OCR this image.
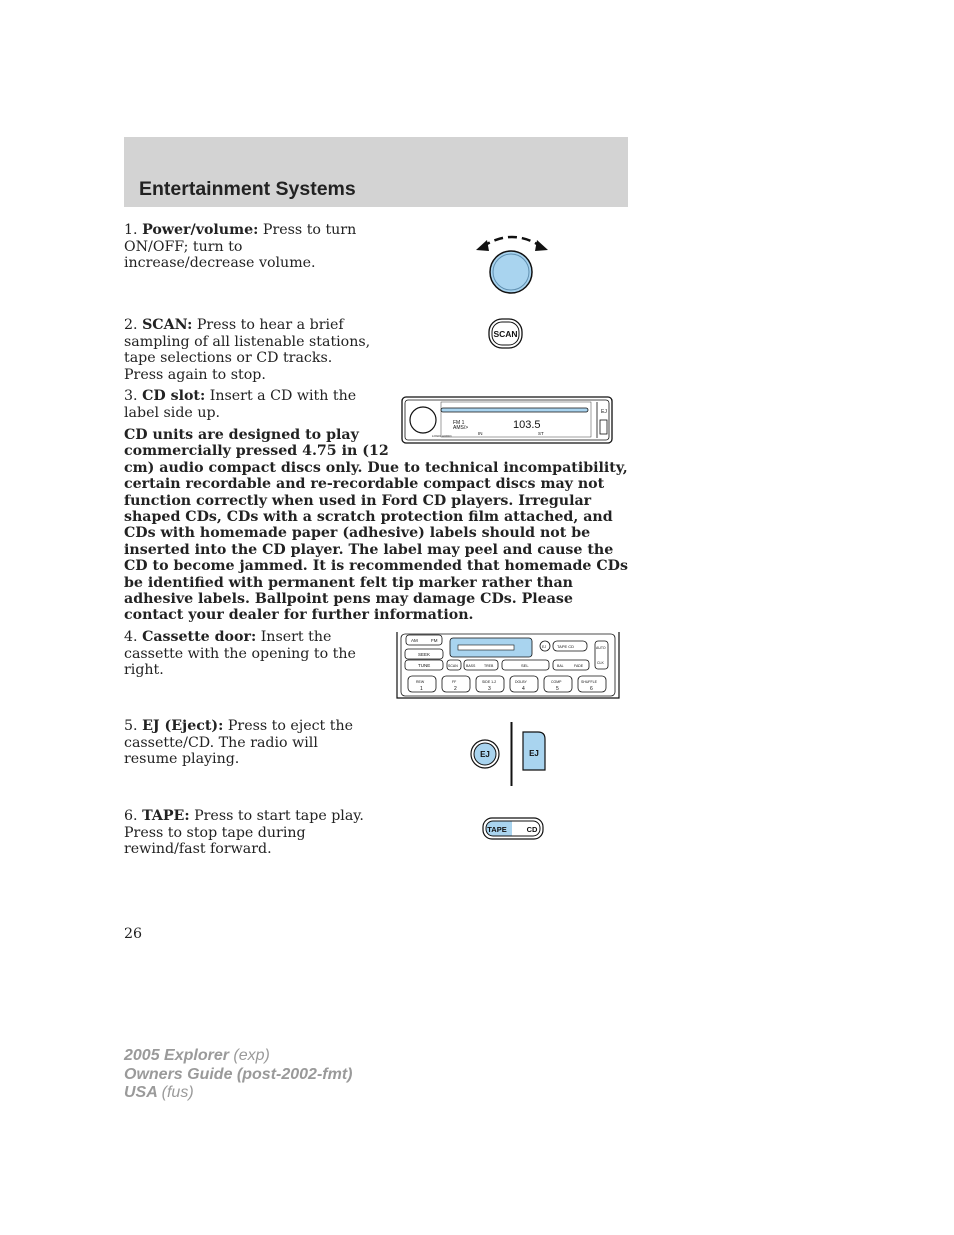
Entertainment Systems
1. Power/volume: Press to turn ON/OFF; turn to increase/decrease volume.
2. SCAN: Press to hear a brief sampling of all listenable stations, tape selections or CD tracks. Press again to stop.
SCAN
3. CD slot: Insert a CD with the label side up.
FM 1
AMS/>	103.5
IN	ST
LOGIC AUDIO
EJ
CD units are designed to play
commercially pressed 4.75 in (12
cm) audio compact discs only. Due to technical incompatibility, certain recordable and re-recordable compact discs may not function correctly when used in Ford CD players. Irregular shaped CDs, CDs with a scratch protection film attached, and CDs with homemade paper (adhesive) labels should not be inserted into the CD player. The label may peel and cause the CD to become jammed. It is recommended that homemade CDs be identified with permanent felt tip marker rather than adhesive labels. Ballpoint pens may damage CDs. Please contact your dealer for further information.
4. Cassette door: Insert the cassette with the opening to the right.
AM	FM
SEEK
TUNE
EJ	TAPE CD	AUTO
CLK
SCAN BASS TREB	SEL	BAL	FADE
REW
1
FF
2
SIDE 1-2
3
DOLBY
4
COMP
5
SHUFFLE
6
5. EJ (Eject): Press to eject the cassette/CD. The radio will resume playing.	EJ	EJ
6. TAPE: Press to start tape play. Press to stop tape during rewind/fast forward.
TAPE	CD
26
2005 Explorer (exp)
Owners Guide (post-2002-fmt)
USA (fus)
